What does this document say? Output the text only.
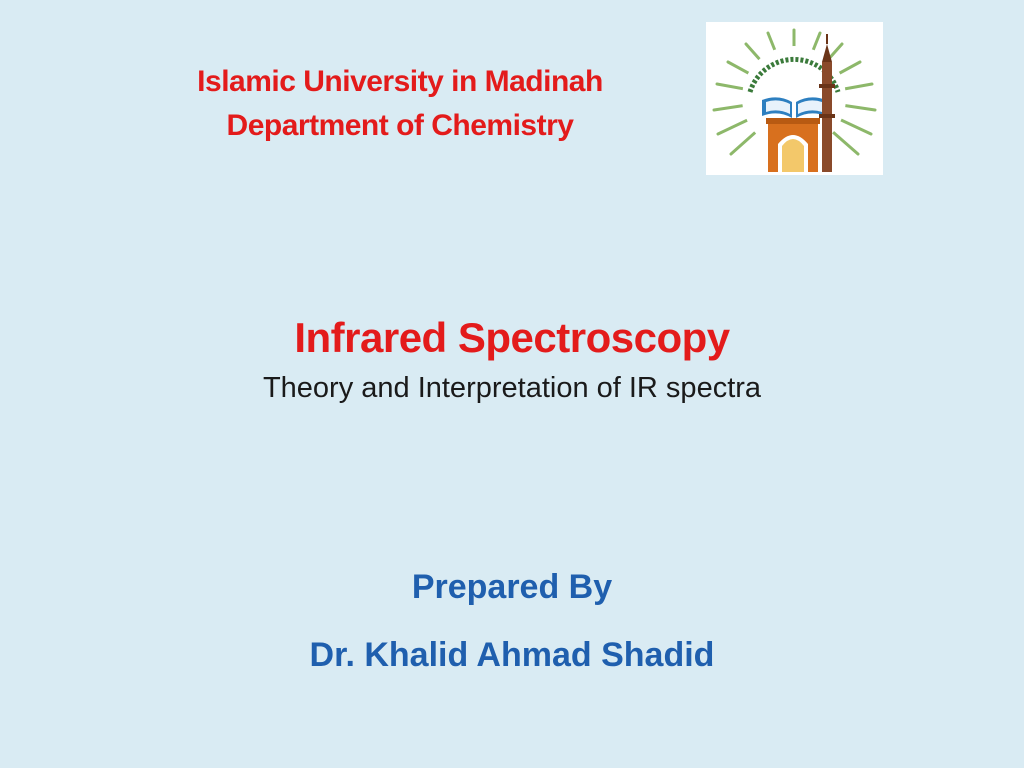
Islamic University in Madinah
Department of Chemistry
Infrared Spectroscopy
Theory and Interpretation of IR spectra
Prepared By
Dr. Khalid Ahmad Shadid
